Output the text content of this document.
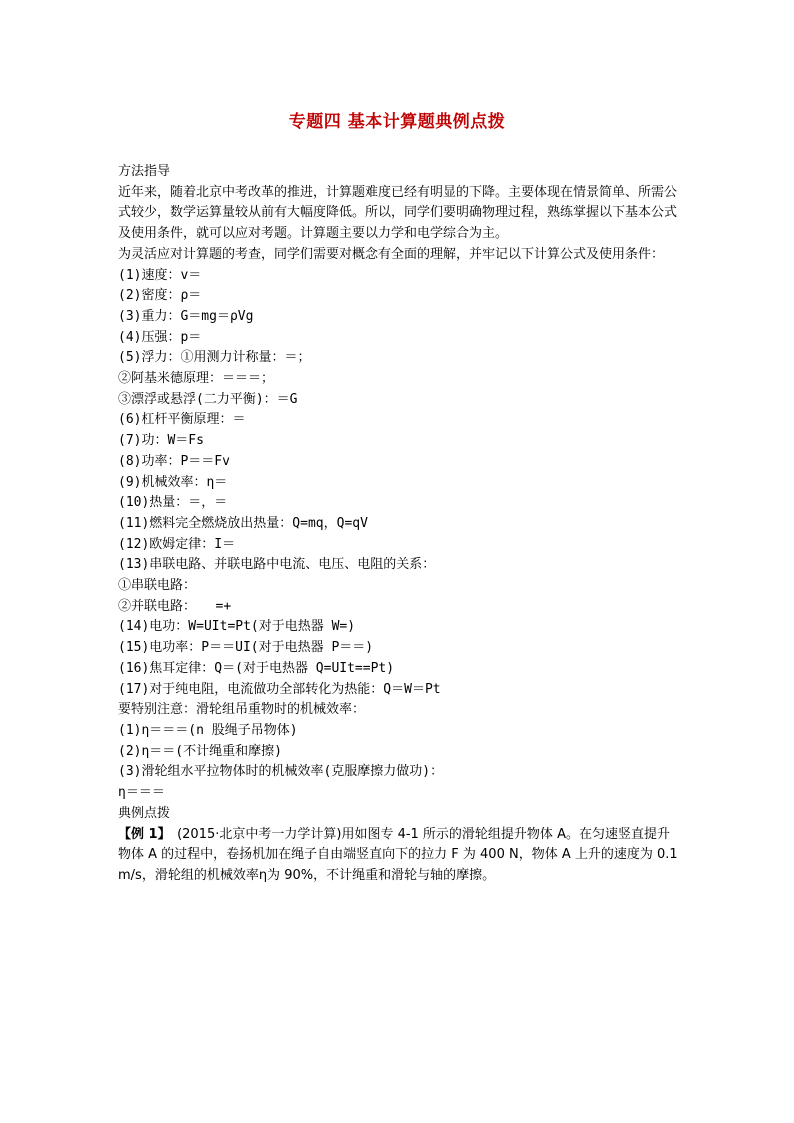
专题四 基本计算题典例点拨

方法指导

近年来，随着北京中考改革的推进，计算题难度已经有明显的下降。主要体现在情景简单、所需公式较少，数学运算量较从前有大幅度降低。所以，同学们要明确物理过程，熟练掌握以下基本公式及使用条件，就可以应对考题。计算题主要以力学和电学综合为主。

为灵活应对计算题的考查，同学们需要对概念有全面的理解，并牢记以下计算公式及使用条件：

(1)速度：v＝

(2)密度：ρ＝

(3)重力：G＝mg＝ρVg

(4)压强：p＝

(5)浮力：①用测力计称量：＝；

②阿基米德原理：＝＝＝；

③漂浮或悬浮(二力平衡)：＝G

(6)杠杆平衡原理：＝

(7)功：W＝Fs

(8)功率：P＝＝Fv

(9)机械效率：η＝

(10)热量：＝，＝

(11)燃料完全燃烧放出热量：Q=mq，Q=qV

(12)欧姆定律：I＝

(13)串联电路、并联电路中电流、电压、电阻的关系：

①串联电路：

②并联电路：　　=+

(14)电功：W=UIt=Pt(对于电热器 W=)

(15)电功率：P＝＝UI(对于电热器 P＝＝)

(16)焦耳定律：Q＝(对于电热器 Q=UIt==Pt)

(17)对于纯电阻，电流做功全部转化为热能：Q＝W＝Pt

要特别注意：滑轮组吊重物时的机械效率：

(1)η＝＝＝(n 股绳子吊物体)

(2)η＝＝(不计绳重和摩擦)

(3)滑轮组水平拉物体时的机械效率(克服摩擦力做功)：

η＝＝＝

典例点拨

【例 1】　(2015·北京中考一力学计算)用如图专 4-1 所示的滑轮组提升物体 A。在匀速竖直提升物体 A 的过程中，卷扬机加在绳子自由端竖直向下的拉力 F 为 400 N，物体 A 上升的速度为 0.1 m/s，滑轮组的机械效率η为 90%，不计绳重和滑轮与轴的摩擦。
